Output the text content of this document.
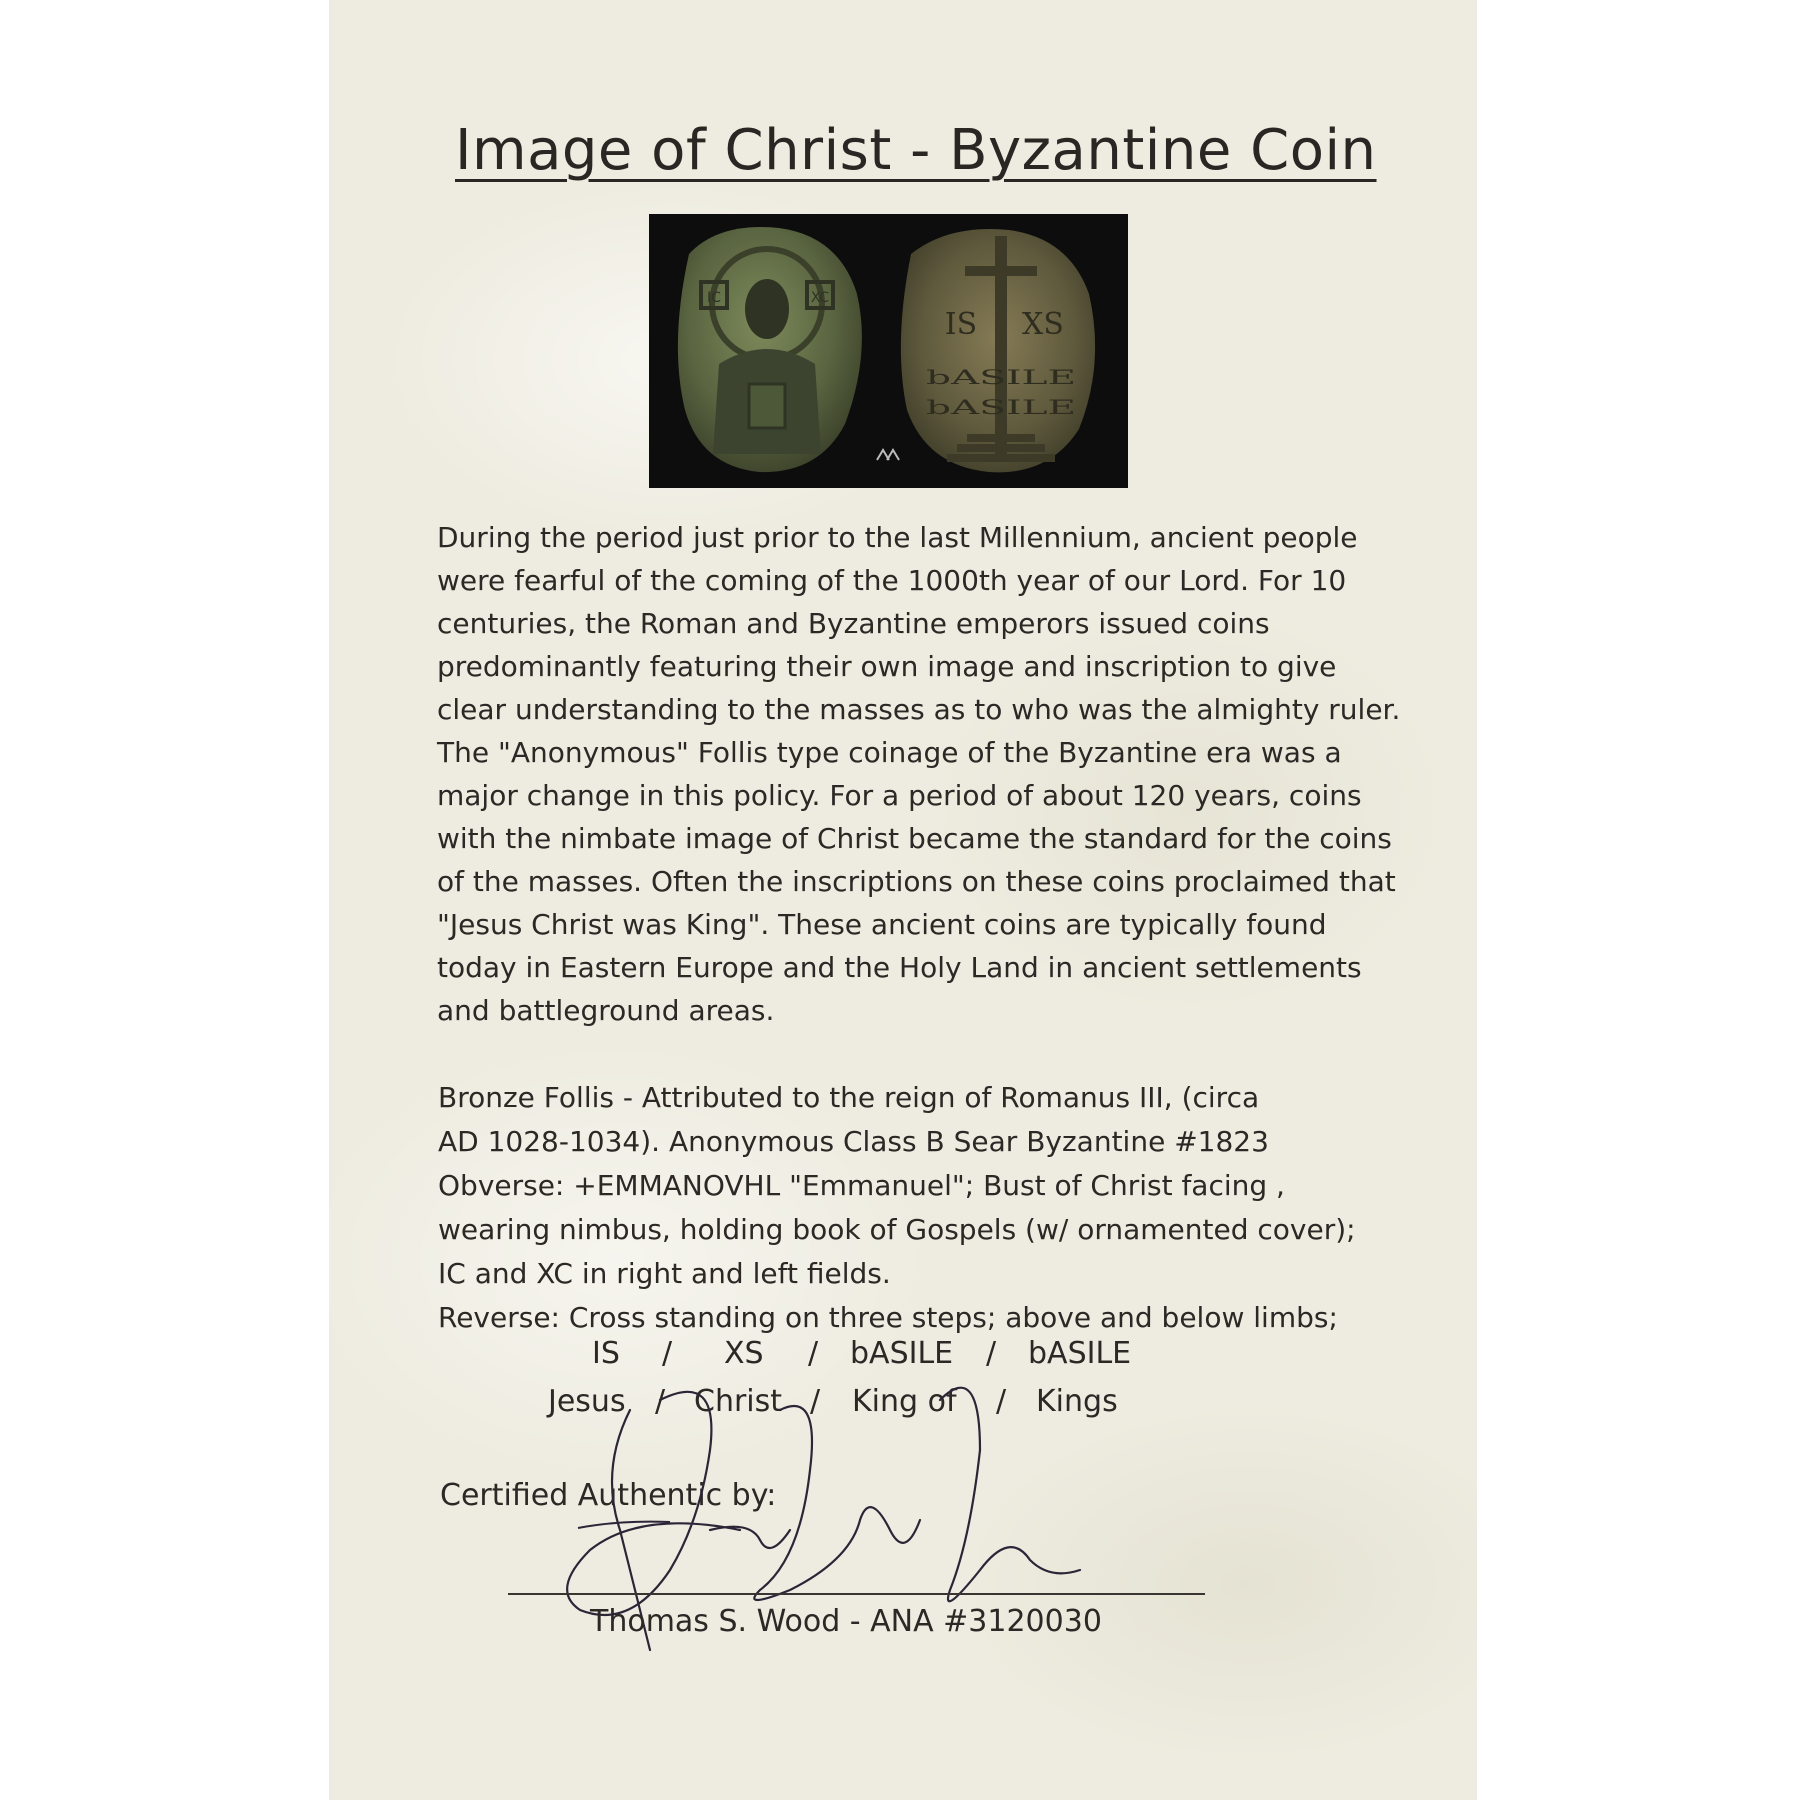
Image of Christ - Byzantine Coin
IC	XC
IS XS
bASILE
bASILE

During the period just prior to the last Millennium, ancient people

were fearful of the coming of the 1000th year of our Lord. For 10

centuries, the Roman and Byzantine emperors issued coins

predominantly featuring their own image and inscription to give

clear understanding to the masses as to who was the almighty ruler.

The "Anonymous" Follis type coinage of the Byzantine era was a

major change in this policy. For a period of about 120 years, coins

with the nimbate image of Christ became the standard for the coins

of the masses. Often the inscriptions on these coins proclaimed that

"Jesus Christ was King". These ancient coins are typically found

today in Eastern Europe and the Holy Land in ancient settlements

and battleground areas.

Bronze Follis - Attributed to the reign of Romanus III, (circa

AD 1028-1034). Anonymous Class B Sear Byzantine #1823

Obverse: +EMMANOVHL "Emmanuel"; Bust of Christ facing ,

wearing nimbus, holding book of Gospels (w/ ornamented cover);

IC and XC in right and left fields.

Reverse: Cross standing on three steps; above and below limbs;

IS / XS / bASILE / bASILE
Jesus / Christ / King of / Kings
Certified Authentic by:
Thomas S. Wood - ANA #3120030
